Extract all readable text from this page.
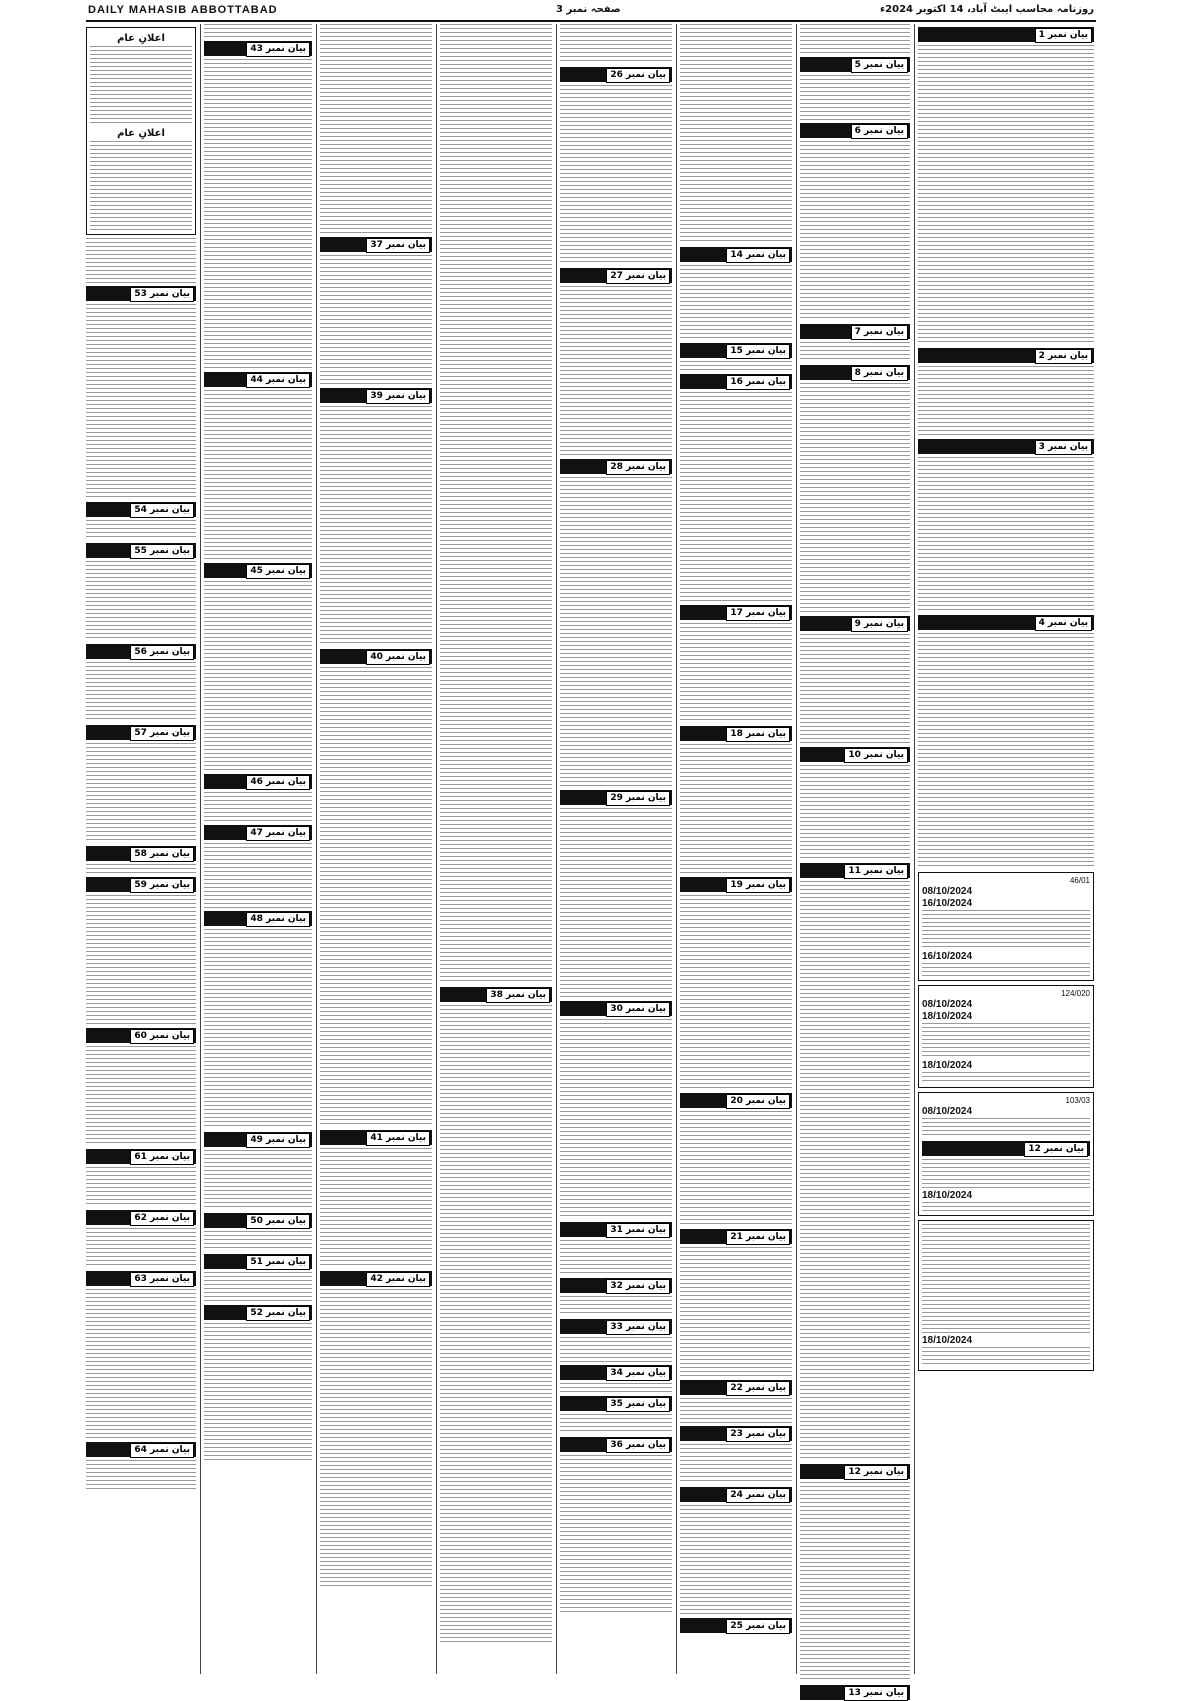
DAILY MAHASIB ABBOTTABAD	صفحہ نمبر 3	روزنامہ محاسب ایبٹ آباد، 14 اکتوبر 2024ء
اعلانِ عام
اعلانِ عام
بیان نمبر 53
بیان نمبر 54
بیان نمبر 55
بیان نمبر 56
بیان نمبر 57
بیان نمبر 58
بیان نمبر 59
بیان نمبر 60
بیان نمبر 61
بیان نمبر 62
بیان نمبر 63
بیان نمبر 64
بیان نمبر 43
بیان نمبر 44
بیان نمبر 45
بیان نمبر 46
بیان نمبر 47
بیان نمبر 48
بیان نمبر 49
بیان نمبر 50
بیان نمبر 51
بیان نمبر 52
بیان نمبر 37
بیان نمبر 39
بیان نمبر 40
بیان نمبر 41
بیان نمبر 42
بیان نمبر 38
بیان نمبر 26
بیان نمبر 27
بیان نمبر 28
بیان نمبر 29
بیان نمبر 30
بیان نمبر 31
بیان نمبر 32
بیان نمبر 33
بیان نمبر 34
بیان نمبر 35
بیان نمبر 36
بیان نمبر 14
بیان نمبر 15
بیان نمبر 16
بیان نمبر 17
بیان نمبر 18
بیان نمبر 19
بیان نمبر 20
بیان نمبر 21
بیان نمبر 22
بیان نمبر 23
بیان نمبر 24
بیان نمبر 25
بیان نمبر 5
بیان نمبر 6
بیان نمبر 7
بیان نمبر 8
بیان نمبر 9
بیان نمبر 10
بیان نمبر 11
بیان نمبر 12
بیان نمبر 13
بیان نمبر 1
بیان نمبر 2
بیان نمبر 3
بیان نمبر 4
46/01
08/10/2024
16/10/2024
16/10/2024
124/020
08/10/2024
18/10/2024
18/10/2024
103/03
08/10/2024
بیان نمبر 12
18/10/2024
18/10/2024
